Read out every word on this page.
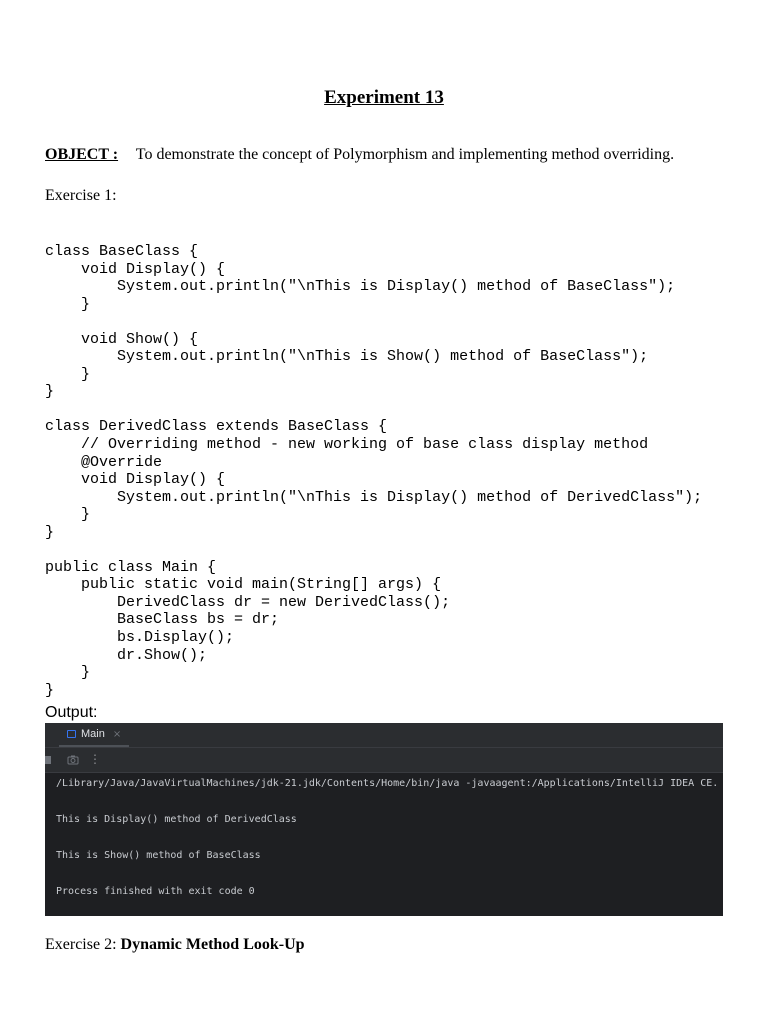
Experiment 13
OBJECT : To demonstrate the concept of Polymorphism and implementing method overriding.
Exercise 1:
class BaseClass {
void Display() {
System.out.println("\nThis is Display() method of BaseClass");
}

void Show() {
System.out.println("\nThis is Show() method of BaseClass");
}
}

class DerivedClass extends BaseClass {
// Overriding method - new working of base class display method
@Override
void Display() {
System.out.println("\nThis is Display() method of DerivedClass");
}
}

public class Main {
public static void main(String[] args) {
DerivedClass dr = new DerivedClass();
BaseClass bs = dr;
bs.Display();
dr.Show();
}
}
Output:
Main ×
⋮

/Library/Java/JavaVirtualMachines/jdk-21.jdk/Contents/Home/bin/java -javaagent:/Applications/IntelliJ IDEA CE.

This is Display() method of DerivedClass

This is Show() method of BaseClass

Process finished with exit code 0

Exercise 2: Dynamic Method Look-Up
